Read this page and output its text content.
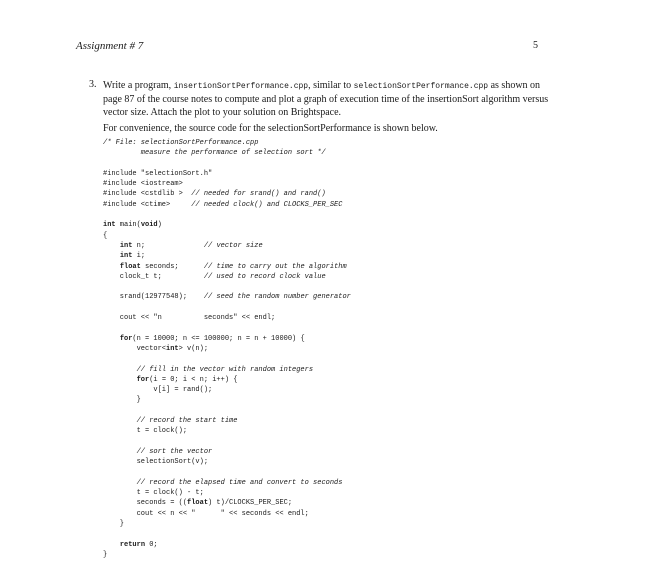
Assignment # 7	5
3. Write a program, insertionSortPerformance.cpp, similar to selectionSortPerformance.cpp as shown on page 87 of the course notes to compute and plot a graph of execution time of the insertionSort algorithm versus vector size. Attach the plot to your solution on Brightspace.
For convenience, the source code for the selectionSortPerformance is shown below.
/* File: selectionSortPerformance.cpp
measure the performance of selection sort */
#include "selectionSort.h"
#include <iostream>
#include <cstdlib >  // needed for srand() and rand()
#include <ctime>     // needed clock() and CLOCKS_PER_SEC
int main(void)
{
int n;              // vector size
int i;
float seconds;      // time to carry out the algorithm
clock_t t;          // used to record clock value
srand(12977548);    // seed the random number generator
cout << "n          seconds" << endl;
for(n = 10000; n <= 100000; n = n + 10000) {
vector<int> v(n);
// fill in the vector with random integers
for(i = 0; i < n; i++) {
v[i] = rand();
}
// record the start time
t = clock();
// sort the vector
selectionSort(v);
// record the elapsed time and convert to seconds
t = clock() - t;
seconds = ((float) t)/CLOCKS_PER_SEC;
cout << n << "      " << seconds << endl;
}
return 0;
}
